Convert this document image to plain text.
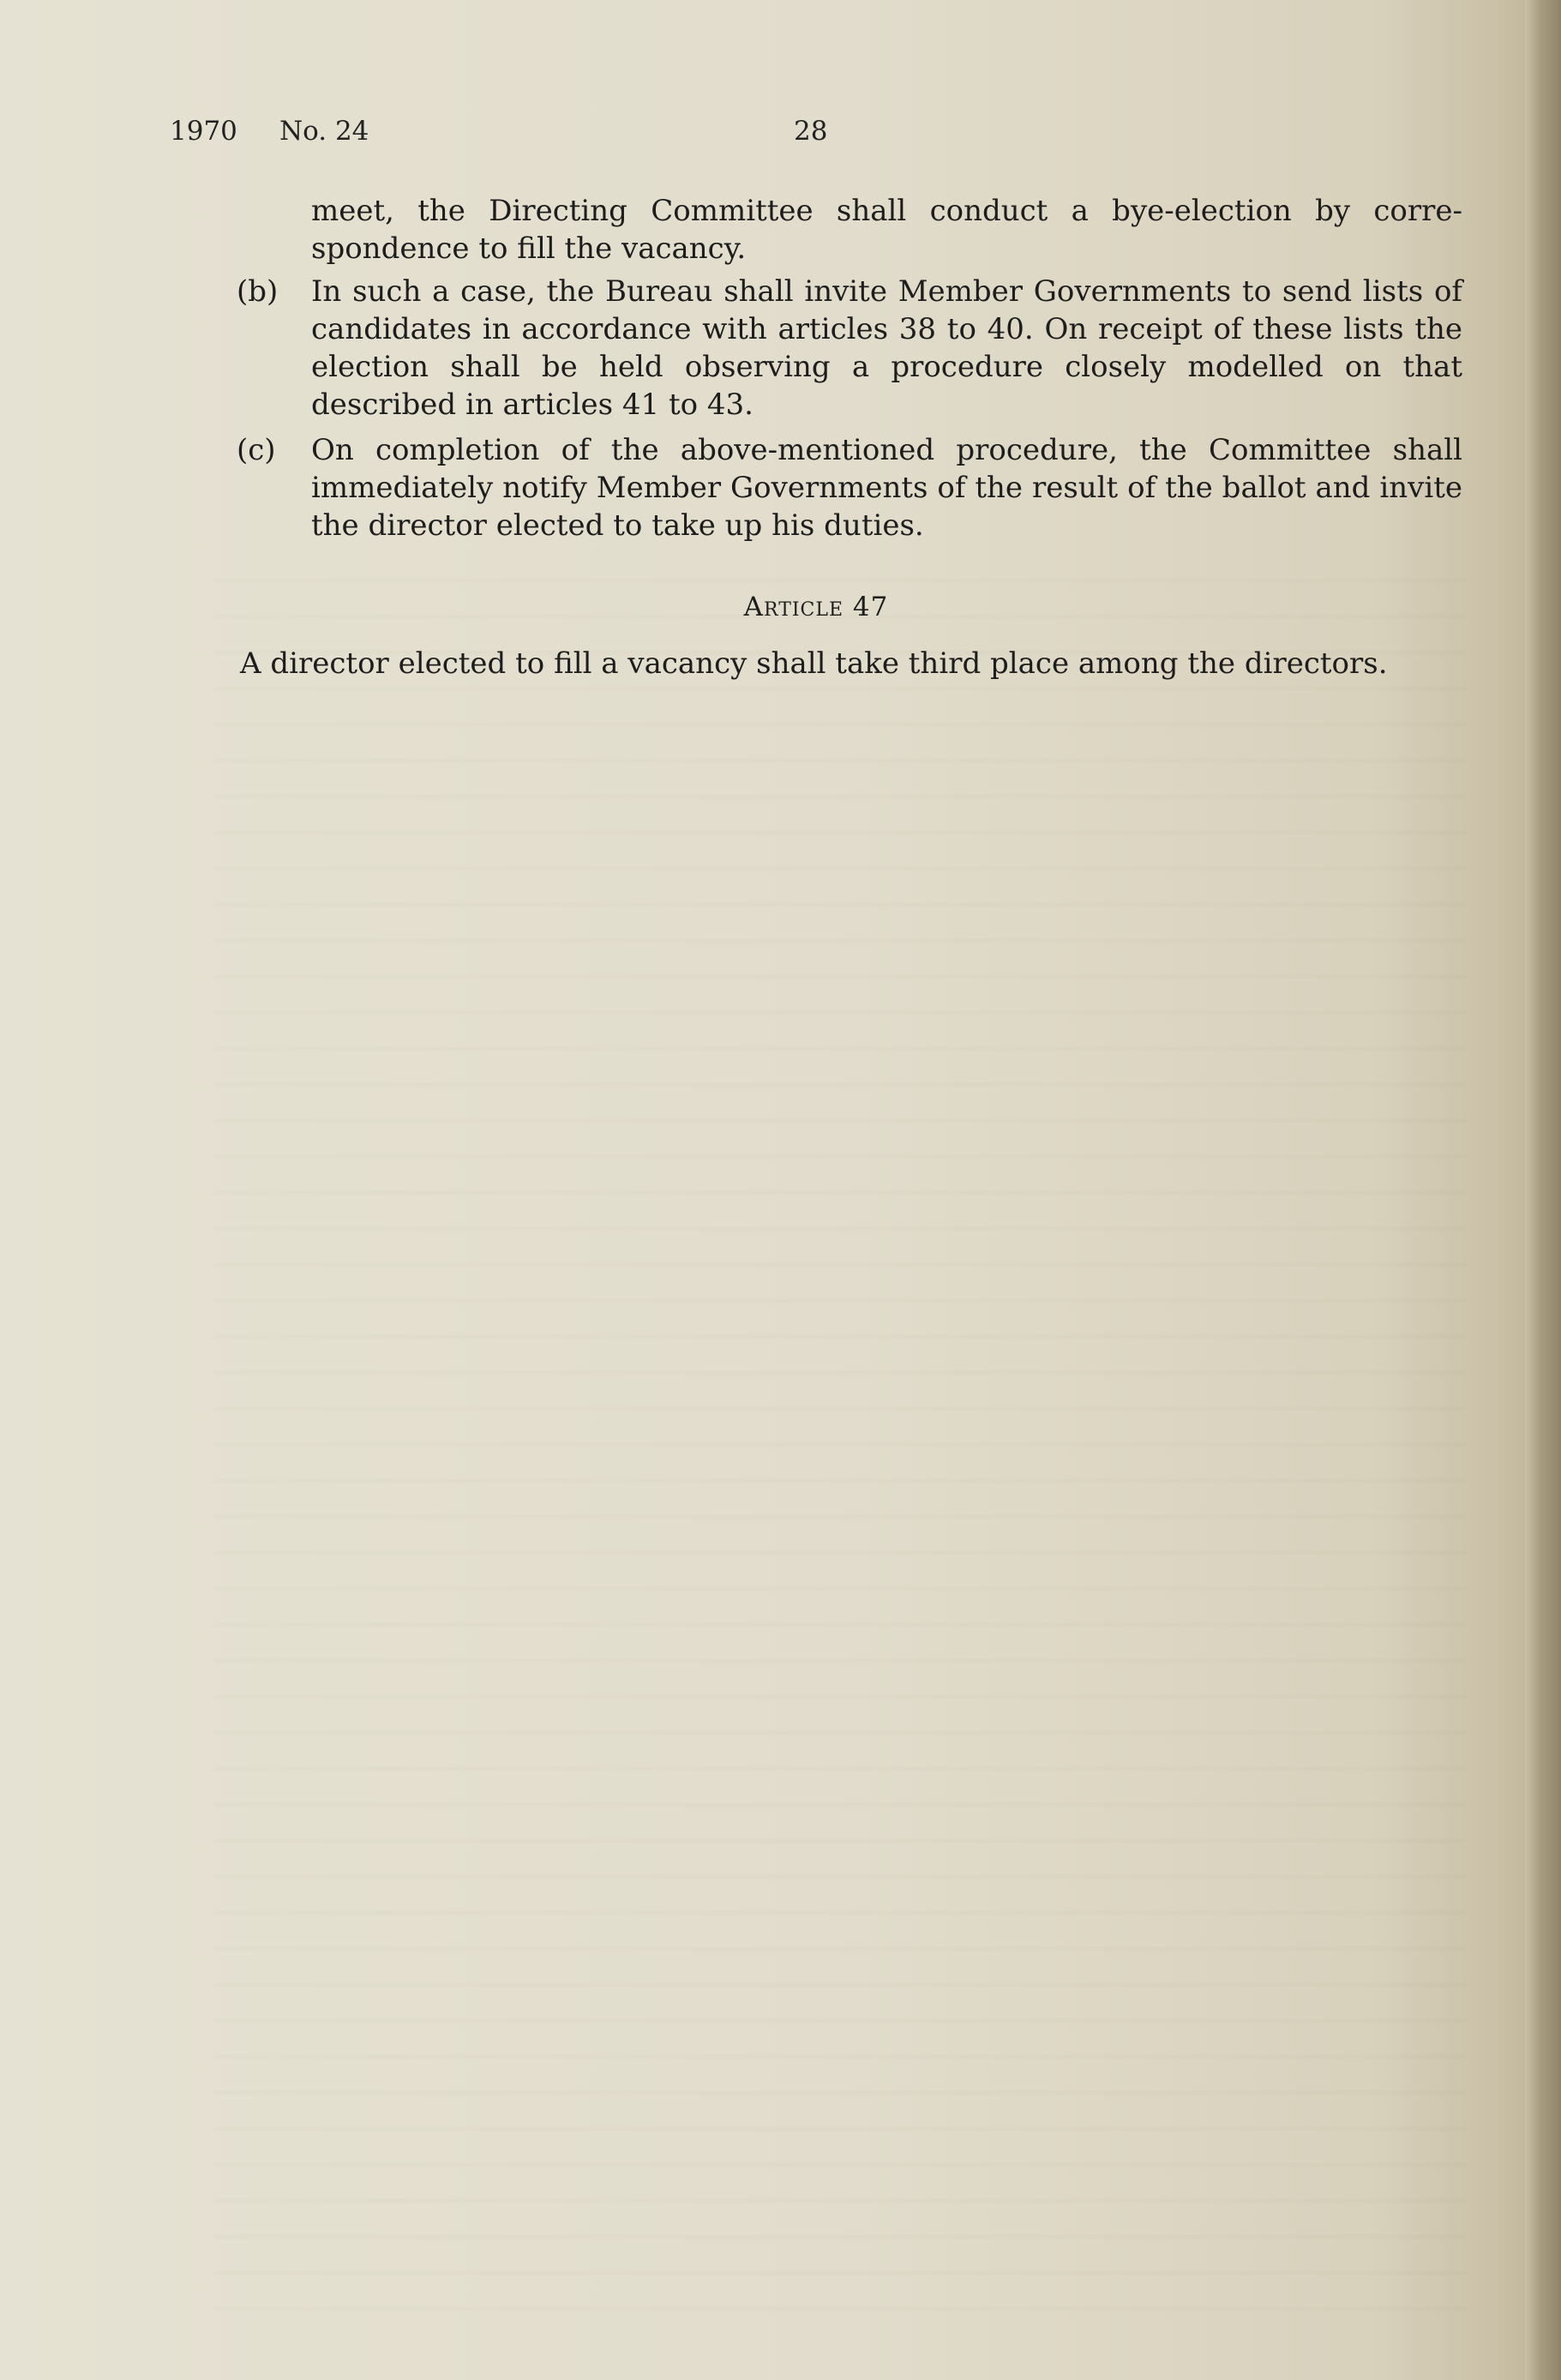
1970 No. 24	28

meet, the Directing Committee shall conduct a bye-election by corre-

spondence to fill the vacancy.

(b)	In such a case, the Bureau shall invite Member Governments to send lists of candidates in accordance with articles 38 to 40. On receipt of these lists the election shall be held observing a procedure closely modelled on that described in articles 41 to 43.
(c)	On completion of the above-mentioned procedure, the Committee shall immediately notify Member Governments of the result of the ballot and invite the director elected to take up his duties.
Article 47

A director elected to fill a vacancy shall take third place among the directors.
